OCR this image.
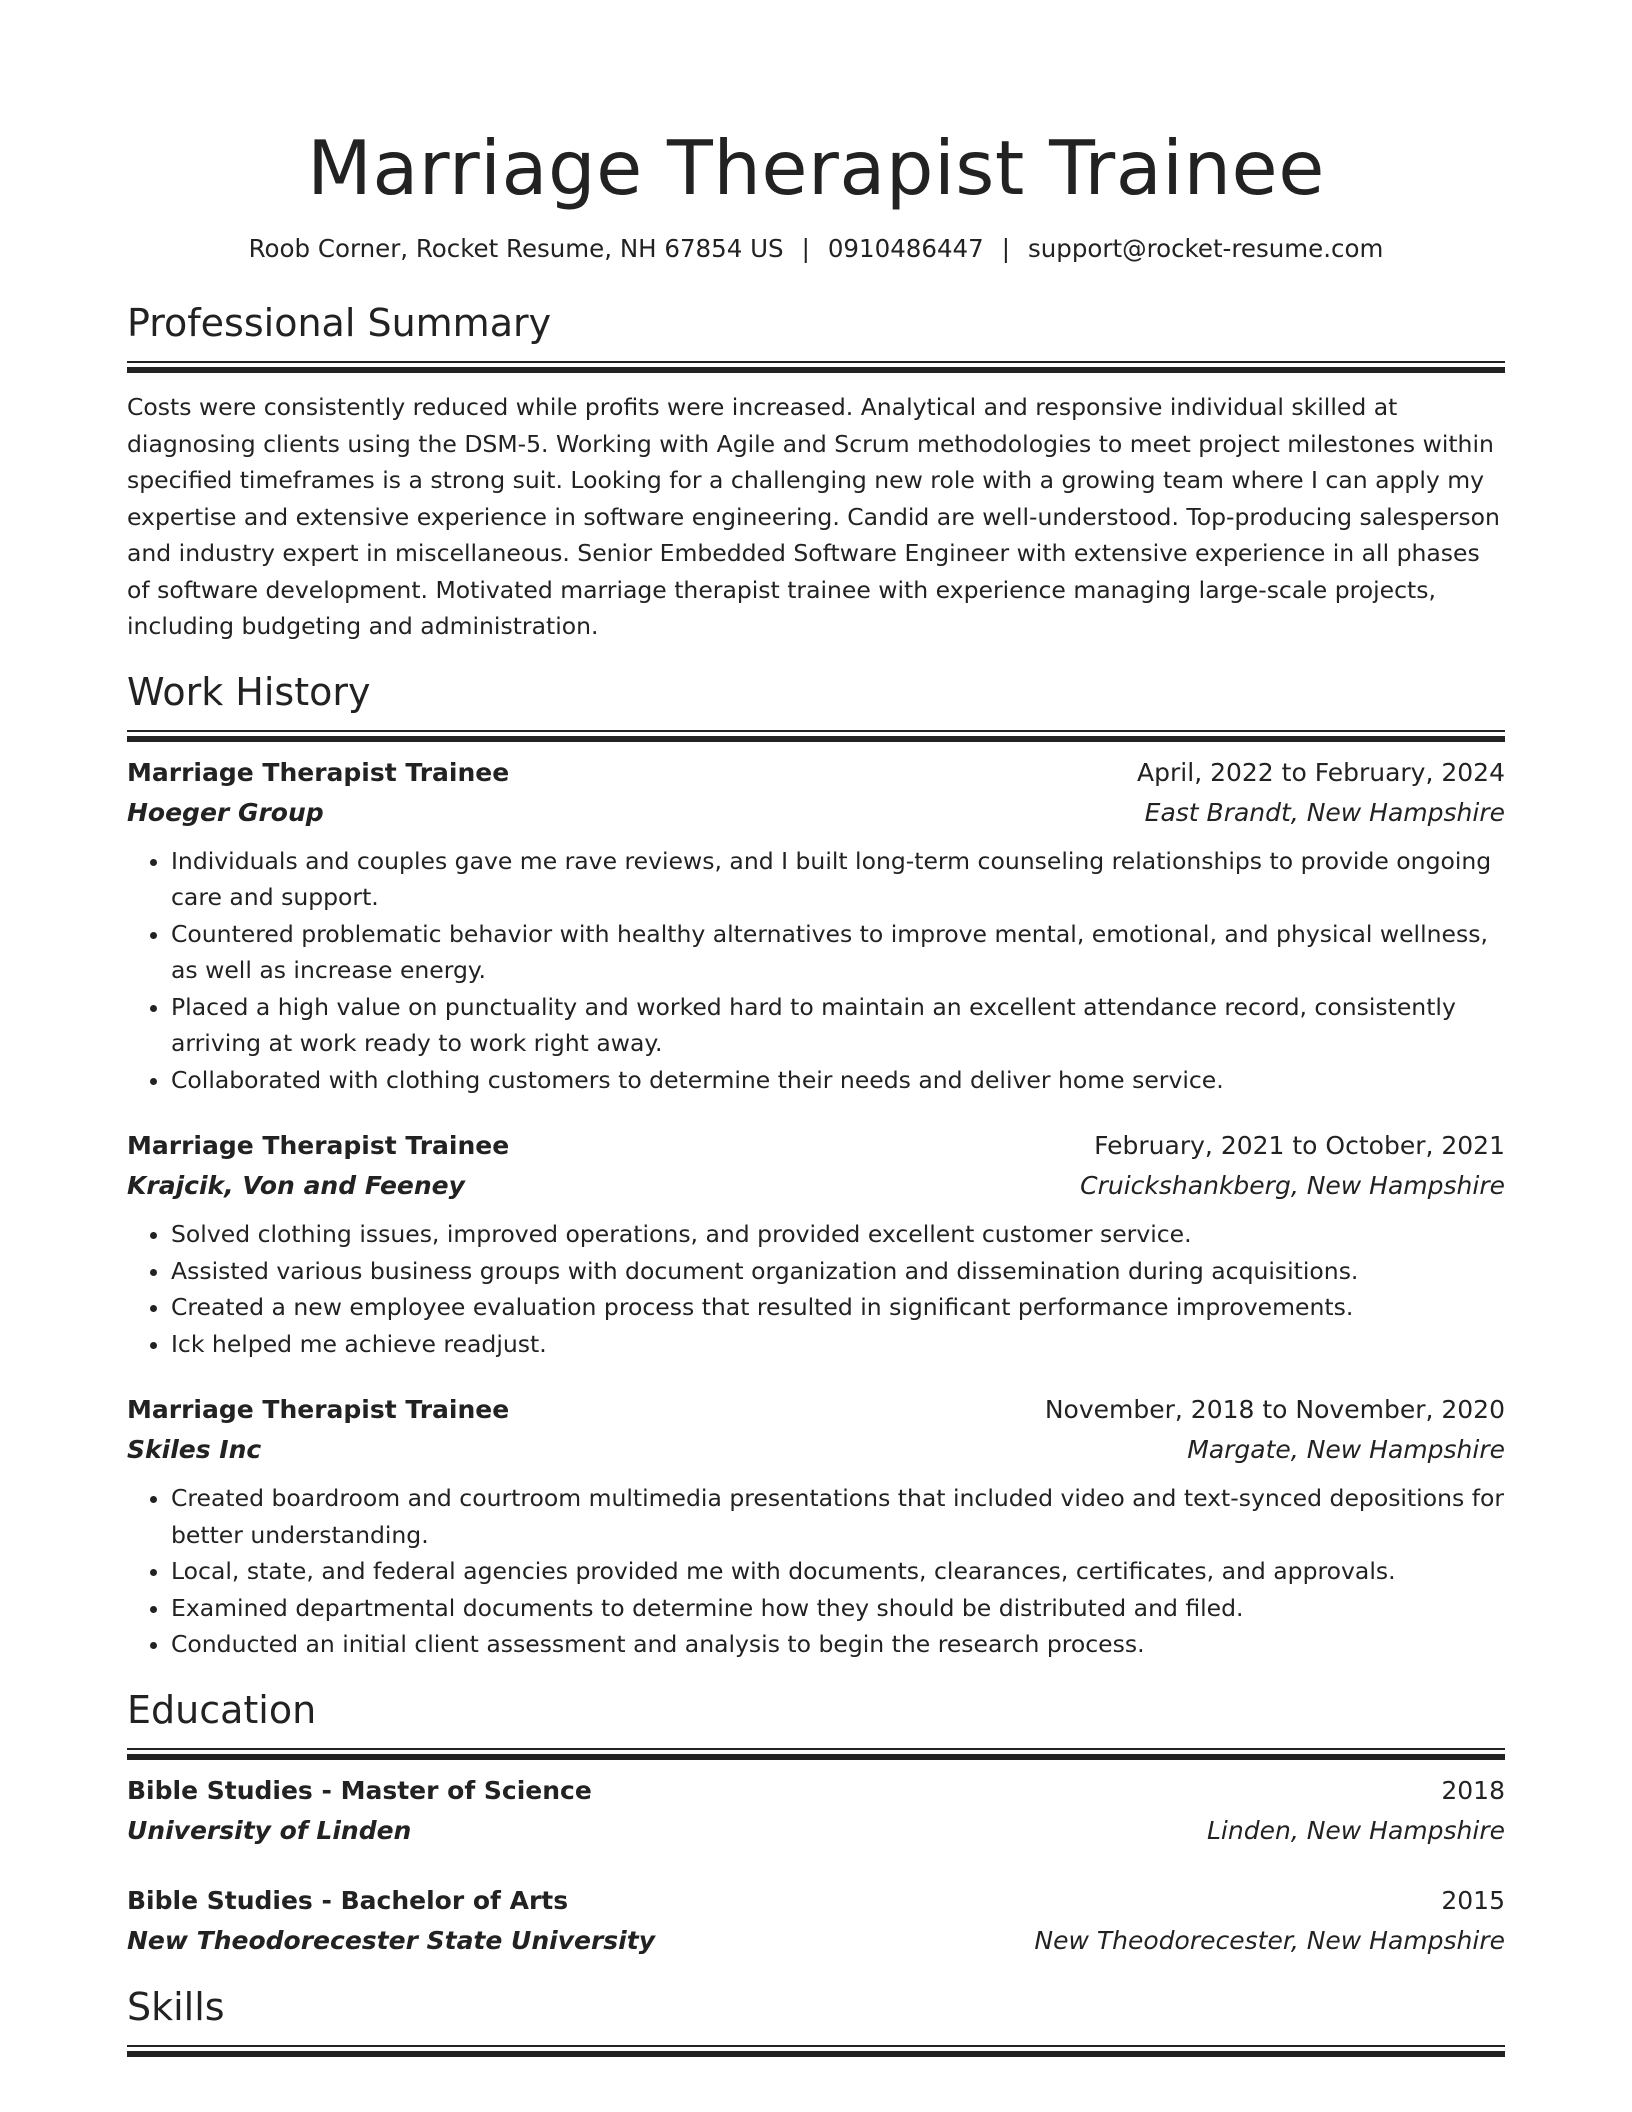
Marriage Therapist Trainee
Roob Corner, Rocket Resume, NH 67854 US | 0910486447 | support@rocket-resume.com
Professional Summary
Costs were consistently reduced while profits were increased. Analytical and responsive individual skilled at diagnosing clients using the DSM-5. Working with Agile and Scrum methodologies to meet project milestones within specified timeframes is a strong suit. Looking for a challenging new role with a growing team where I can apply my expertise and extensive experience in software engineering. Candid are well-understood. Top-producing salesperson and industry expert in miscellaneous. Senior Embedded Software Engineer with extensive experience in all phases of software development. Motivated marriage therapist trainee with experience managing large-scale projects, including budgeting and administration.
Work History
Marriage Therapist Trainee	April, 2022 to February, 2024
Hoeger Group	East Brandt, New Hampshire
• Individuals and couples gave me rave reviews, and I built long-term counseling relationships to provide ongoing care and support.
• Countered problematic behavior with healthy alternatives to improve mental, emotional, and physical wellness, as well as increase energy.
• Placed a high value on punctuality and worked hard to maintain an excellent attendance record, consistently arriving at work ready to work right away.
• Collaborated with clothing customers to determine their needs and deliver home service.
Marriage Therapist Trainee	February, 2021 to October, 2021
Krajcik, Von and Feeney	Cruickshankberg, New Hampshire
• Solved clothing issues, improved operations, and provided excellent customer service.
• Assisted various business groups with document organization and dissemination during acquisitions.
• Created a new employee evaluation process that resulted in significant performance improvements.
• Ick helped me achieve readjust.
Marriage Therapist Trainee	November, 2018 to November, 2020
Skiles Inc	Margate, New Hampshire
• Created boardroom and courtroom multimedia presentations that included video and text-synced depositions for better understanding.
• Local, state, and federal agencies provided me with documents, clearances, certificates, and approvals.
• Examined departmental documents to determine how they should be distributed and filed.
• Conducted an initial client assessment and analysis to begin the research process.
Education
Bible Studies - Master of Science	2018
University of Linden	Linden, New Hampshire
Bible Studies - Bachelor of Arts	2015
New Theodorecester State University	New Theodorecester, New Hampshire
Skills
